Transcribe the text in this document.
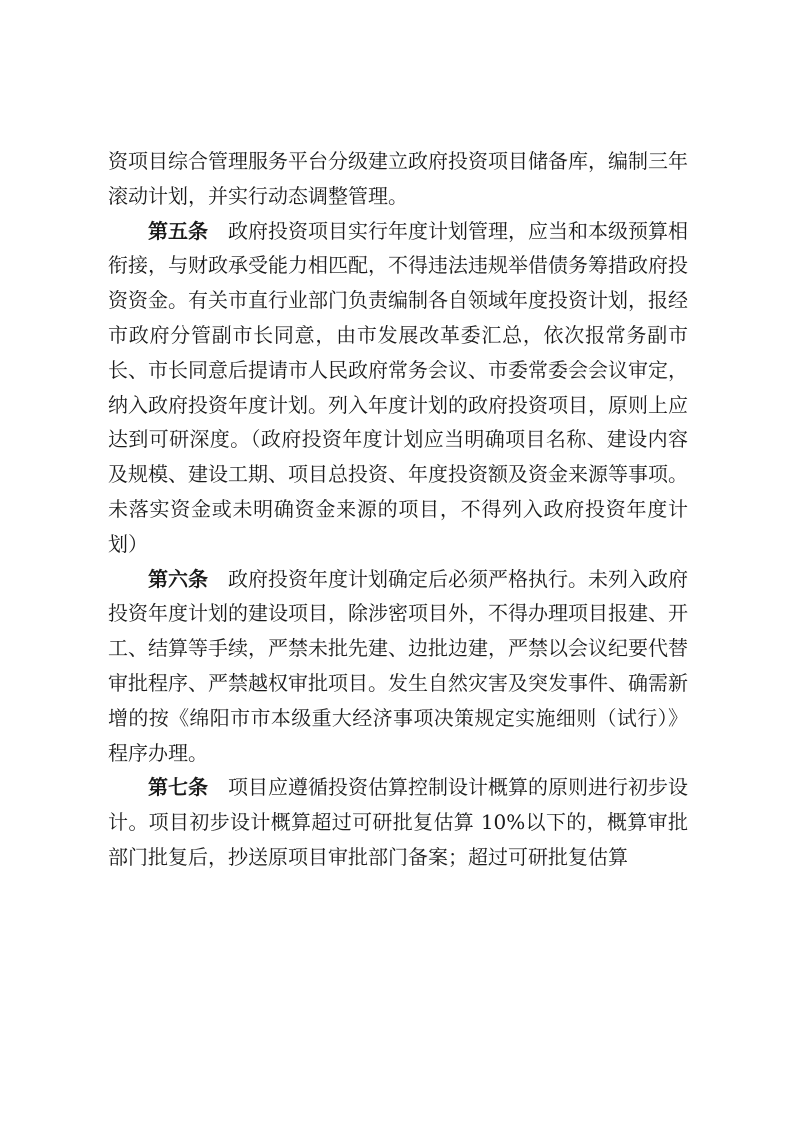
资项目综合管理服务平台分级建立政府投资项目储备库，编制三年滚动计划，并实行动态调整管理。

第五条 政府投资项目实行年度计划管理，应当和本级预算相衔接，与财政承受能力相匹配，不得违法违规举借债务筹措政府投资资金。有关市直行业部门负责编制各自领域年度投资计划，报经市政府分管副市长同意，由市发展改革委汇总，依次报常务副市长、市长同意后提请市人民政府常务会议、市委常委会会议审定，纳入政府投资年度计划。列入年度计划的政府投资项目，原则上应达到可研深度。（政府投资年度计划应当明确项目名称、建设内容及规模、建设工期、项目总投资、年度投资额及资金来源等事项。未落实资金或未明确资金来源的项目，不得列入政府投资年度计划）

第六条 政府投资年度计划确定后必须严格执行。未列入政府投资年度计划的建设项目，除涉密项目外，不得办理项目报建、开工、结算等手续，严禁未批先建、边批边建，严禁以会议纪要代替审批程序、严禁越权审批项目。发生自然灾害及突发事件、确需新增的按《绵阳市市本级重大经济事项决策规定实施细则（试行）》程序办理。

第七条 项目应遵循投资估算控制设计概算的原则进行初步设计。项目初步设计概算超过可研批复估算 10%以下的，概算审批部门批复后，抄送原项目审批部门备案；超过可研批复估算
